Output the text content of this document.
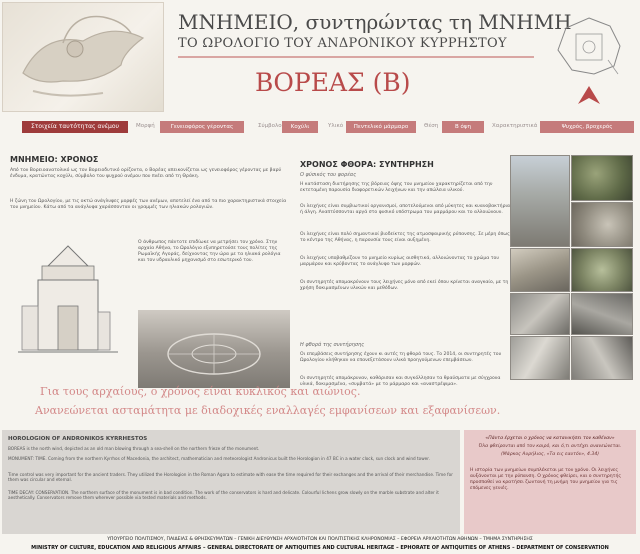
ΜΝΗΜΕΙΟ, συντηρώντας τη ΜΝΗΜΗ
ΤΟ ΩΡΟΛΟΓΙΟ ΤΟΥ ΑΝΔΡΟΝΙΚΟΥ ΚΥΡΡΗΣΤΟΥ
ΒΟΡΕΑΣ (Β)
Στοιχεία ταυτότητας ανέμου	Μορφή	Γενειοφόρος γέροντας	Σύμβολο	Κοχύλι	Υλικό	Πεντελικό μάρμαρο	Θέση	Β όψη	Χαρακτηριστικά	Ψυχρός, βροχερός
ΜΝΗΜΕΙΟ: ΧΡΟΝΟΣ
Από τον Βορειοανατολικό ως τον Βορειοδυτικό ορίζοντα, ο Βορέας απεικονίζεται ως γενειοφόρος γέροντας με βαρύ ένδυμα, κρατώντας κοχύλι, σύμβολο του ψυχρού ανέμου που πνέει από τη Θράκη.
Η ζώνη του Ωρολογίου, με τις οκτώ ανάγλυφες μορφές των ανέμων, αποτελεί ένα από τα πιο χαρακτηριστικά στοιχεία του μνημείου. Κάτω από τα ανάγλυφα χαράσσονταν οι γραμμές των ηλιακών ρολογιών.
Ο άνθρωπος πάντοτε επιδίωκε να μετρήσει τον χρόνο. Στην αρχαία Αθήνα, το Ωρολόγιο εξυπηρετούσε τους πολίτες της Ρωμαϊκής Αγοράς, δείχνοντας την ώρα με τα ηλιακά ρολόγια και τον υδραυλικό μηχανισμό στο εσωτερικό του.
Για τους αρχαίους, ο χρόνος είναι κυκλικός και αιώνιος.
Ανανεώνεται ασταμάτητα με διαδοχικές εναλλαγές εμφανίσεων και εξαφανίσεων.
HOROLOGION OF ANDRONIKOS KYRRHESTOS
BOREAS is the north wind, depicted as an old man blowing through a sea-shell on the northern frieze of the monument.
MONUMENT: TIME. Coming from the northern Kyrrhos of Macedonia, the architect, mathematician and meteorologist Andronicus built the Horologion in 47 BC in a water clock, sun clock and wind tower.
Time control was very important for the ancient traders. They utilized the Horologion in the Roman Agora to estimate with ease the time required for their exchanges and the arrival of their merchandise. Time for them was circular and eternal.
TIME DECAY: CONSERVATION. The northern surface of the monument is in bad condition. The work of the conservators is hard and delicate. Colourful lichens grow slowly on the marble substrate and alter it aesthetically. Conservators remove them wherever possible via tested materials and methods.
ΧΡΟΝΟΣ ΦΘΟΡΑ: ΣΥΝΤΗΡΗΣΗ
Ο φύσικός του φορέας
Η κατάσταση διατήρησης της βόρειας όψης του μνημείου χαρακτηρίζεται από την εκτεταμένη παρουσία διαφορετικών λειχήνων και την απώλεια υλικού.
Οι λειχήνες είναι συμβιωτικοί οργανισμοί, αποτελούμενοι από μύκητες και κυανοβακτήρια ή άλγη. Αναπτύσσονται αργά στο φυσικό υπόστρωμα του μαρμάρου και το αλλοιώνουν.
Οι λειχήνες είναι πολύ σημαντικοί βιοδείκτες της ατμοσφαιρικής ρύπανσης. Σε μέρη όπως το κέντρο της Αθήνας, η παρουσία τους είναι αυξημένη.
Οι λειχήνες υποβαθμίζουν το μνημείο κυρίως αισθητικά, αλλοιώνοντας το χρώμα του μαρμάρου και κρύβοντας το ανάγλυφο των μορφών.
Οι συντηρητές απομακρύνουν τους λειχήνες μόνο από εκεί όπου κρίνεται αναγκαίο, με τη χρήση δοκιμασμένων υλικών και μεθόδων.
Η φθορά της συντήρησης
Οι επεμβάσεις συντήρησης έχουν κι αυτές τη φθορά τους. Το 2014, οι συντηρητές του Ωρολογίου κλήθηκαν να επανεξετάσουν υλικά προηγούμενων επεμβάσεων.
Οι συντηρητές απομάκρυναν, καθάρισαν και συγκόλλησαν τα θραύσματα με σύγχρονα υλικά, δοκιμασμένα, «συμβατά» με το μάρμαρο και «αναστρέψιμα».
«Πάντα έρχεται ο χρόνος να κατανικήσει τον καθέναν»
Όλα φθείρονται από τον καιρό, και ό,τι αντέχει ανανεώνεται.
(Μάρκος Αυρήλιος, «Τα εις εαυτόν», 4.34)
Η ιστορία των μνημείων συμπλέκεται με τον χρόνο. Οι λειχήνες αυξάνονται με την ρύπανση. Ο χρόνος φθείρει, και ο συντηρητής προσπαθεί να κρατήσει ζωντανή τη μνήμη του μνημείου για τις επόμενες γενιές.
ΥΠΟΥΡΓΕΙΟ ΠΟΛΙΤΙΣΜΟΥ, ΠΑΙΔΕΙΑΣ & ΘΡΗΣΚΕΥΜΑΤΩΝ – ΓΕΝΙΚΗ ΔΙΕΥΘΥΝΣΗ ΑΡΧΑΙΟΤΗΤΩΝ ΚΑΙ ΠΟΛΙΤΙΣΤΙΚΗΣ ΚΛΗΡΟΝΟΜΙΑΣ – ΕΦΟΡΕΙΑ ΑΡΧΑΙΟΤΗΤΩΝ ΑΘΗΝΩΝ – ΤΜΗΜΑ ΣΥΝΤΗΡΗΣΗΣ
MINISTRY OF CULTURE, EDUCATION AND RELIGIOUS AFFAIRS – GENERAL DIRECTORATE OF ANTIQUITIES AND CULTURAL HERITAGE – EPHORATE OF ANTIQUITIES OF ATHENS – DEPARTMENT OF CONSERVATION
